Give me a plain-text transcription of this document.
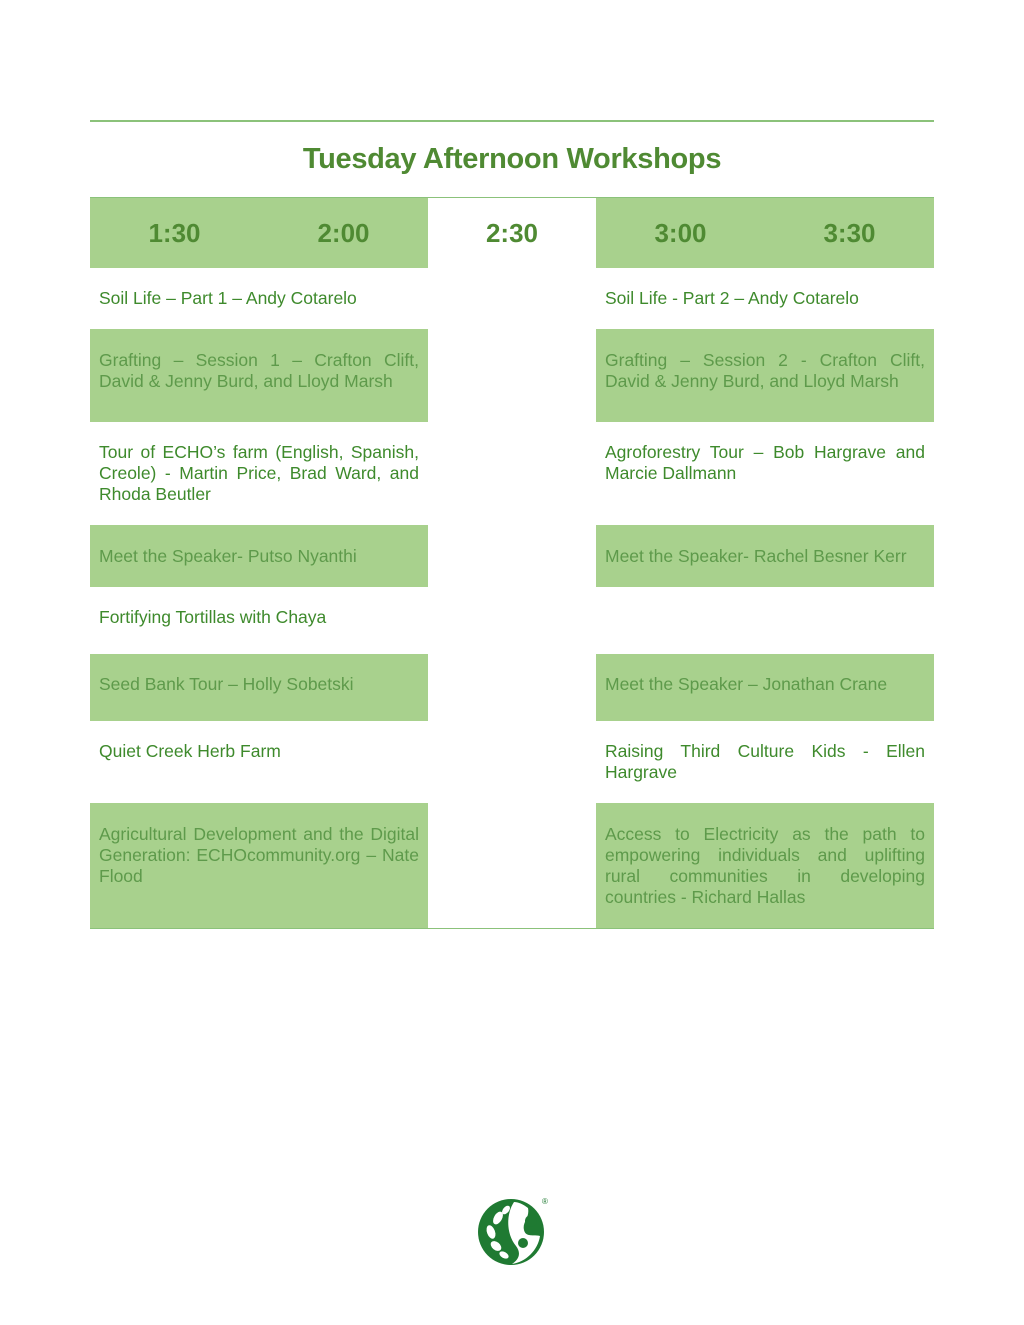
Tuesday Afternoon Workshops
1:30 2:00	2:30	3:00 3:30

Soil Life – Part 1 – Andy Cotarelo		Soil Life - Part 2 – Andy Cotarelo

Grafting – Session 1 – Crafton Clift, David & Jenny Burd, and Lloyd Marsh		Grafting – Session 2 - Crafton Clift, David & Jenny Burd, and Lloyd Marsh

Tour of ECHO’s farm (English, Spanish, Creole) - Martin Price, Brad Ward, and Rhoda Beutler		Agroforestry Tour – Bob Hargrave and Marcie Dallmann

Meet the Speaker- Putso Nyanthi		Meet the Speaker- Rachel Besner Kerr

Fortifying Tortillas with Chaya		

Seed Bank Tour – Holly Sobetski		Meet the Speaker – Jonathan Crane

Quiet Creek Herb Farm		Raising Third Culture Kids - Ellen Hargrave

Agricultural Development and the Digital Generation: ECHOcommunity.org – Nate Flood		Access to Electricity as the path to empowering individuals and uplifting rural communities in developing countries - Richard Hallas
®
